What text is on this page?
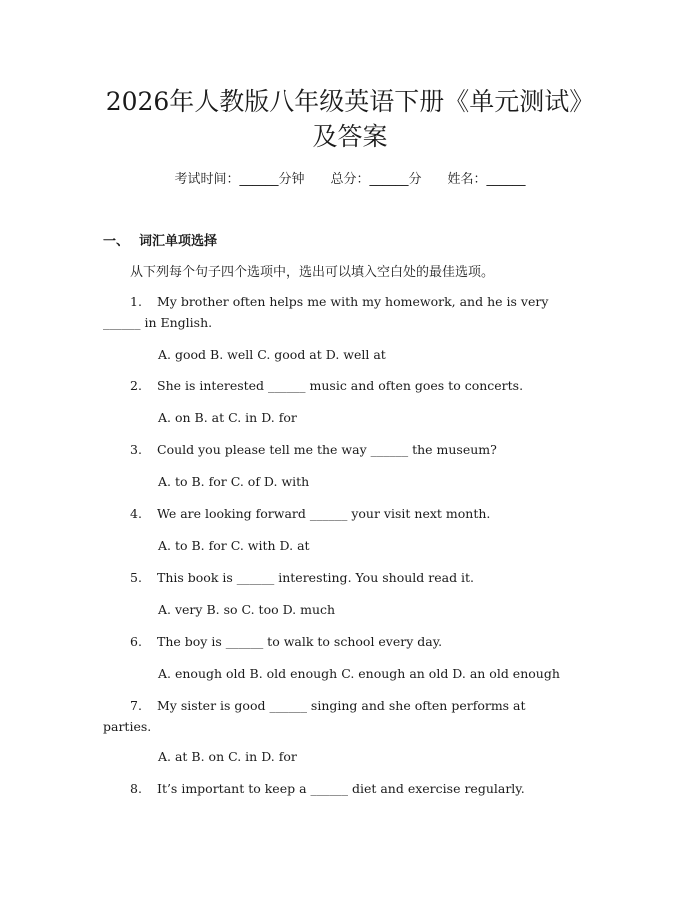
2026年人教版八年级英语下册《单元测试》
及答案
考试时间：______分钟 总分：______分 姓名：______
一、 词汇单项选择
从下列每个句子四个选项中，选出可以填入空白处的最佳选项。
1. My brother often helps me with my homework, and he is very ______ in English.
A. good B. well C. good at D. well at
2. She is interested ______ music and often goes to concerts.
A. on B. at C. in D. for
3. Could you please tell me the way ______ the museum?
A. to B. for C. of D. with
4. We are looking forward ______ your visit next month.
A. to B. for C. with D. at
5. This book is ______ interesting. You should read it.
A. very B. so C. too D. much
6. The boy is ______ to walk to school every day.
A. enough old B. old enough C. enough an old D. an old enough
7. My sister is good ______ singing and she often performs at parties.
A. at B. on C. in D. for
8. It’s important to keep a ______ diet and exercise regularly.
